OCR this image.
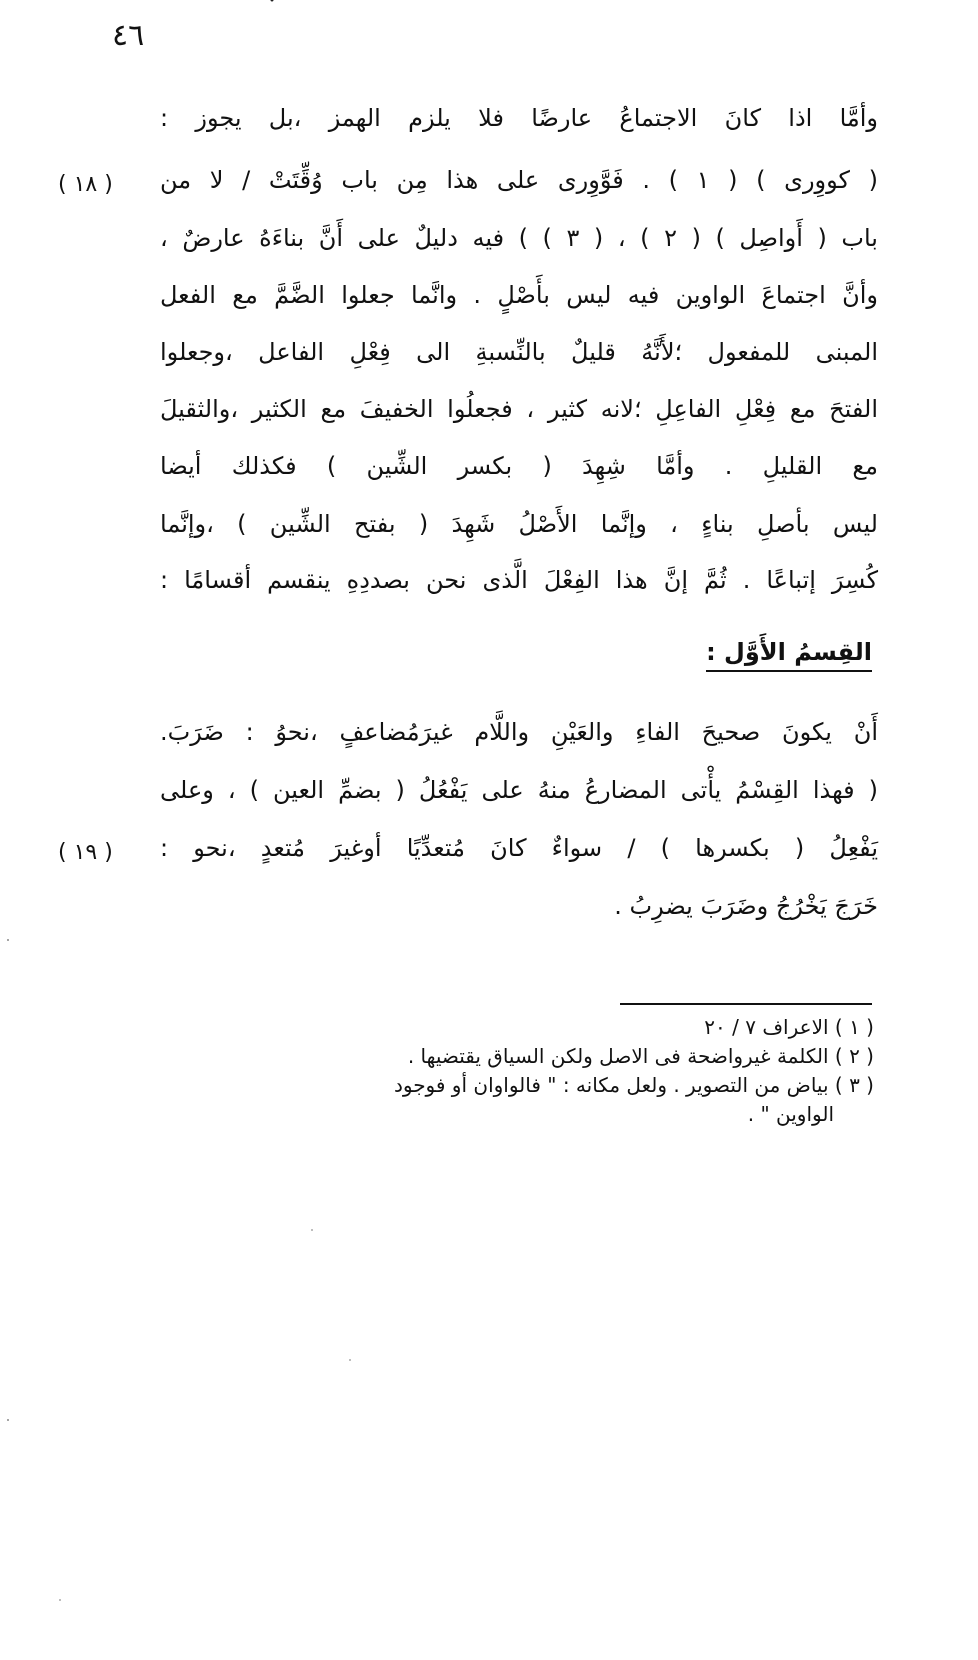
٤٦
وأمَّا اذا كانَ الاجتماعُ عارضًا فلا يلزم الهمز ،بل يجوز :
( كووِرى ) ( ١ ) . فَوَّوِرى على هذا مِن باب وُقِّتَتْ / لا من
( ١٨ )
باب ( أَواصِل ) ( ٢ ) ، ( ٣ ) ) فيه دليلٌ على أَنَّ بناءَهُ عارضٌ ،
وأنَّ اجتماعَ الواوين فيه ليس بأَصْلٍ . وانَّما جعلوا الضَّمَّ مع الفعل
المبنى للمفعول ؛لأَنَّهُ قليلٌ بالنِّسبةِ الى فِعْلِ الفاعل ،وجعلوا
الفتحَ مع فِعْلِ الفاعِلِ ؛لانه كثير ، فجعلُوا الخفيفَ مع الكثير ،والثقيلَ
مع القليلِ . وأمَّا شِهِدَ ( بكسر الشِّين ) فكذلك أيضا
ليس بأصلِ بناءٍ ، وإنَّما الأَصْلُ شَهِدَ ( بفتح الشِّين ) ،وإنَّما
كُسِرَ إتباعًا . ثُمَّ إنَّ هذا الفِعْلَ الَّذى نحن بصددِهِ ينقسم أقسامًا :
القِسمُ الأَوَّل :
أَنْ يكونَ صحيحَ الفاءِ والعَيْنِ واللَّام غيرَمُضاعفٍ ،نحوُ : ضَرَبَ.
( فهذا القِسْمُ يأْتى المضارعُ منهُ على يَفْعُلُ ( بضمِّ العين ) ، وعلى
يَفْعِلُ ( بكسرها ) / سواءٌ كانَ مُتعدِّيًا أوغيرَ مُتعدٍ ،نحو :
( ١٩ )
خَرَجَ يَخْرُجُ وضَرَبَ يضرِبُ .

( ١ ) الاعراف ٧ / ٢٠

( ٢ ) الكلمة غيرواضحة فى الاصل ولكن السياق يقتضيها .

( ٣ ) بياض من التصوير . ولعل مكانه : " فالواوان أو فوجود
الواوين " .
